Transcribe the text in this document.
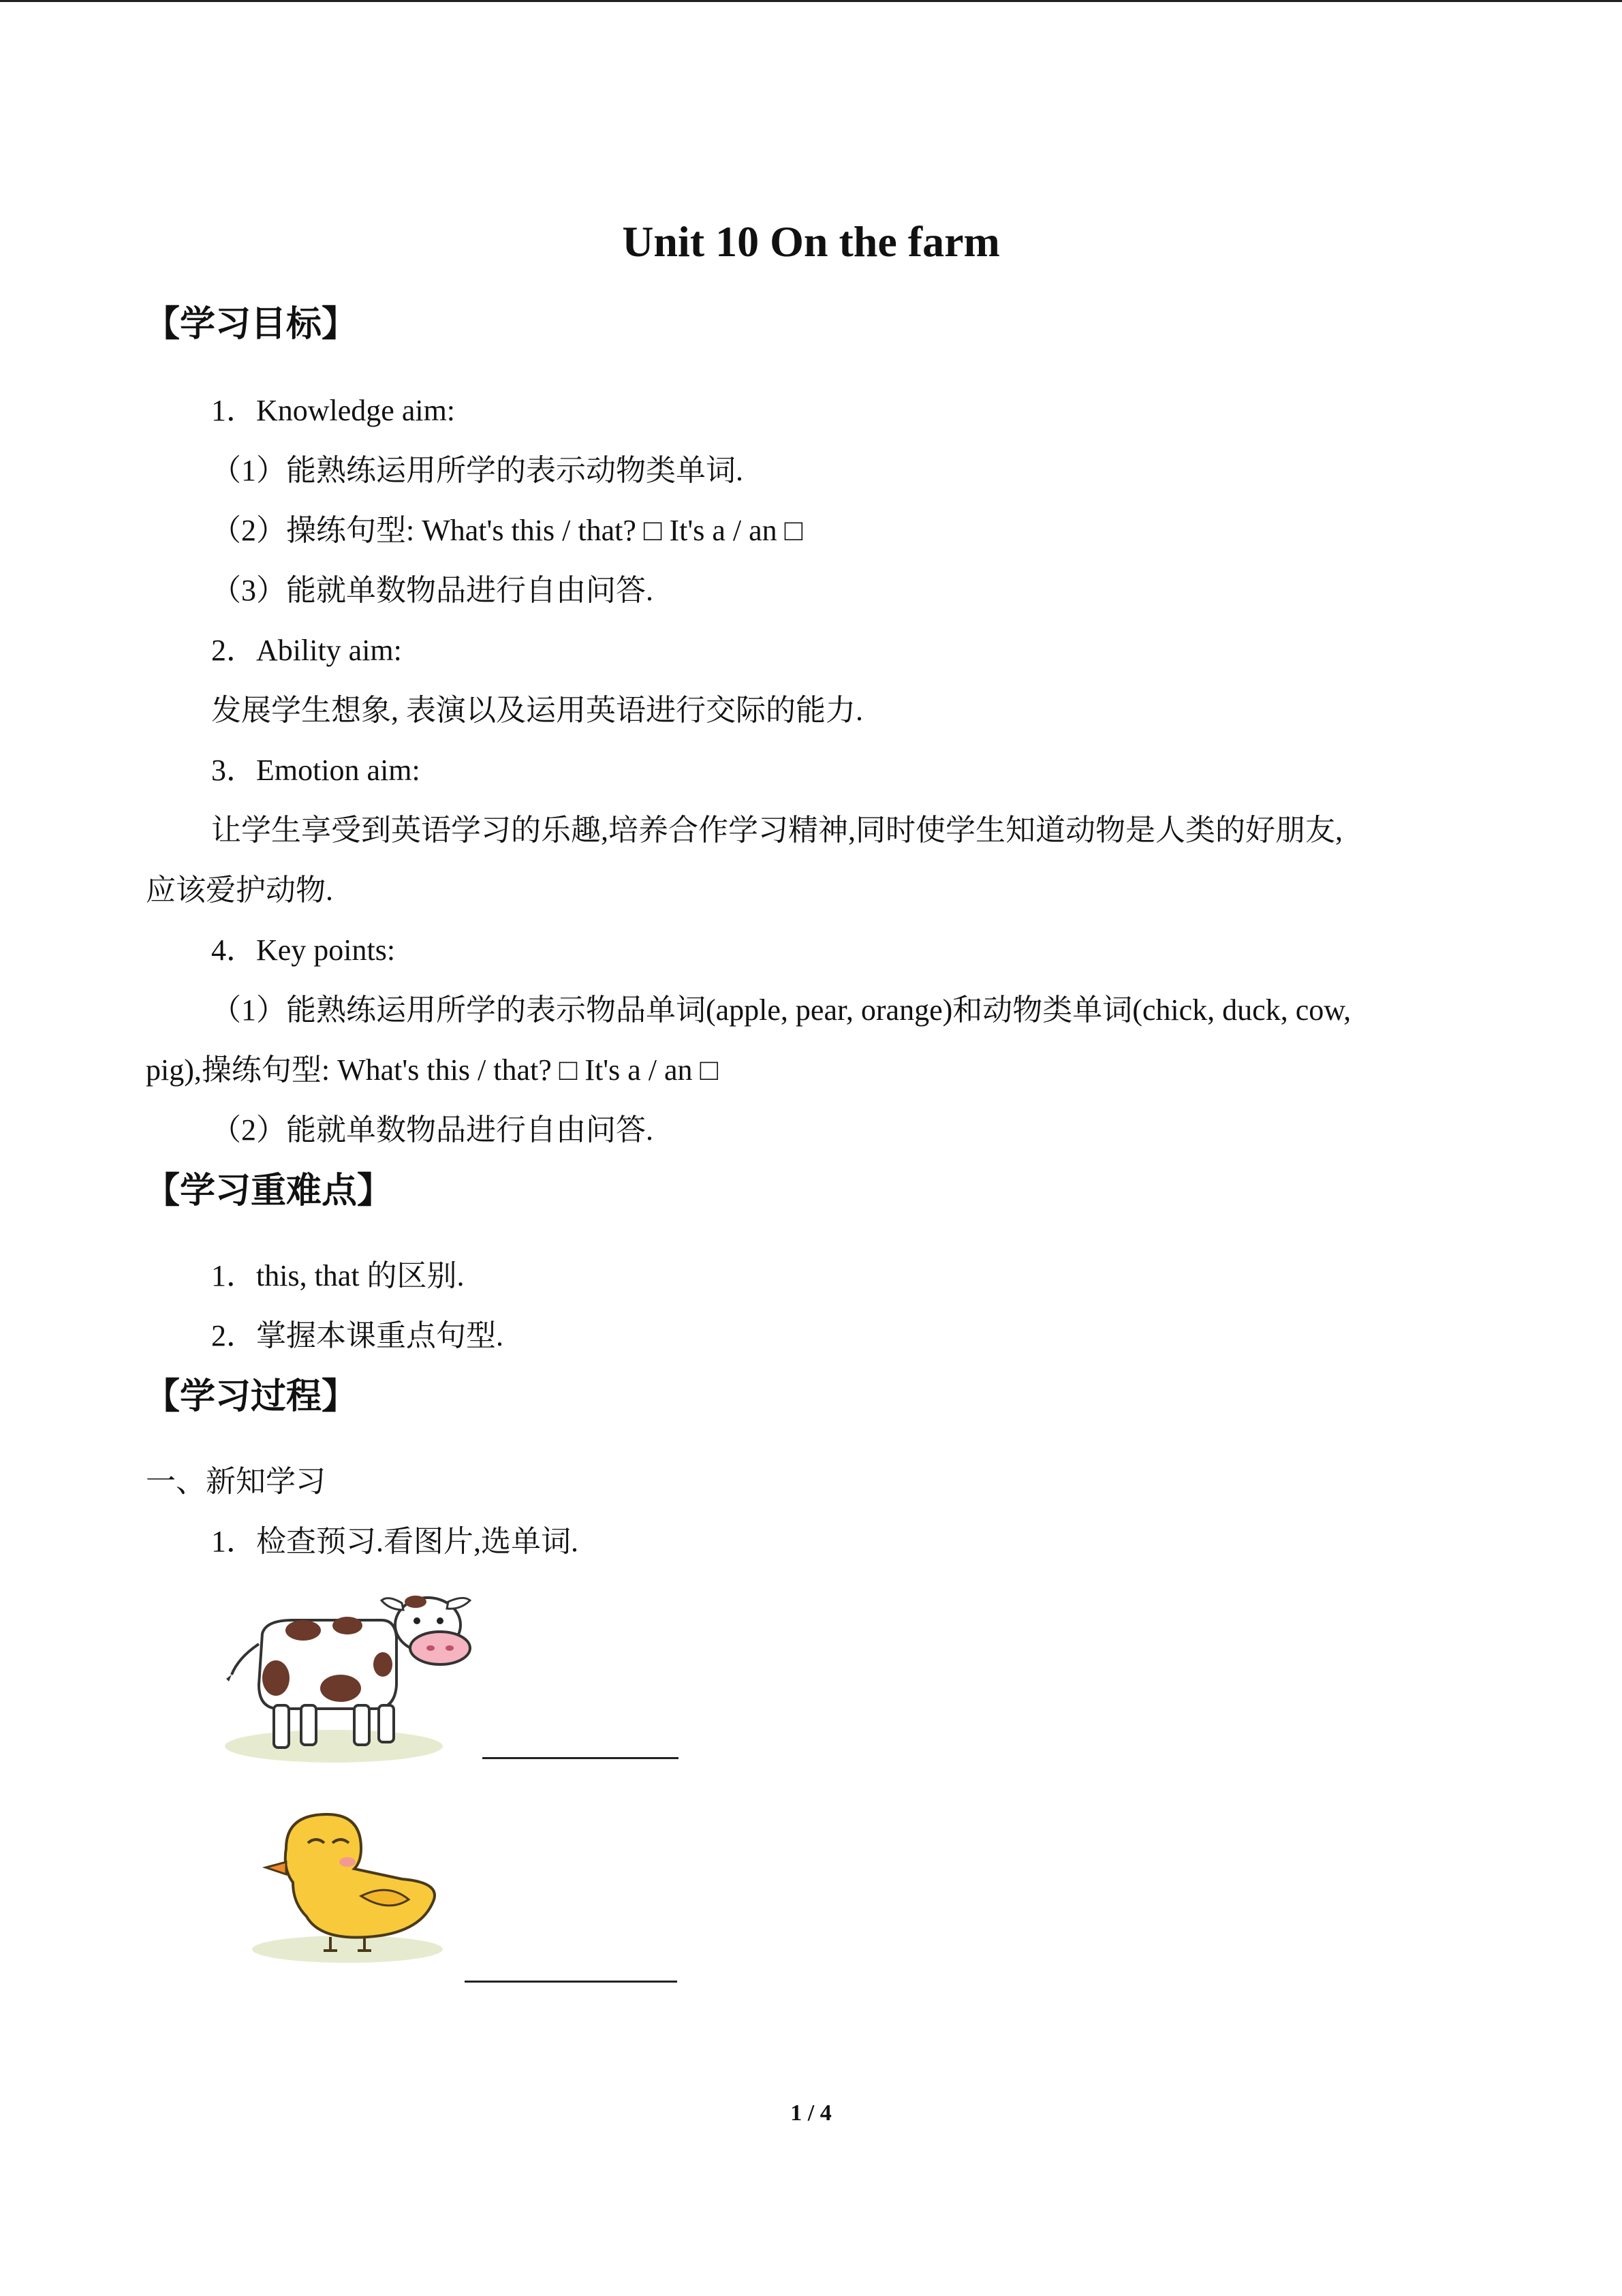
Unit 10 On the farm
【学习目标】
1．Knowledge aim:
（1）能熟练运用所学的表示动物类单词.
（2）操练句型: What's this / that? □ It's a / an □
（3）能就单数物品进行自由问答.
2．Ability aim:
发展学生想象, 表演以及运用英语进行交际的能力.
3．Emotion aim:
让学生享受到英语学习的乐趣,培养合作学习精神,同时使学生知道动物是人类的好朋友,
应该爱护动物.
4．Key points:
（1）能熟练运用所学的表示物品单词(apple, pear, orange)和动物类单词(chick, duck, cow,
pig),操练句型: What's this / that? □ It's a / an □
（2）能就单数物品进行自由问答.
【学习重难点】
1．this, that 的区别.
2．掌握本课重点句型.
【学习过程】
一、新知学习
1．检查预习.看图片,选单词.
1 / 4
